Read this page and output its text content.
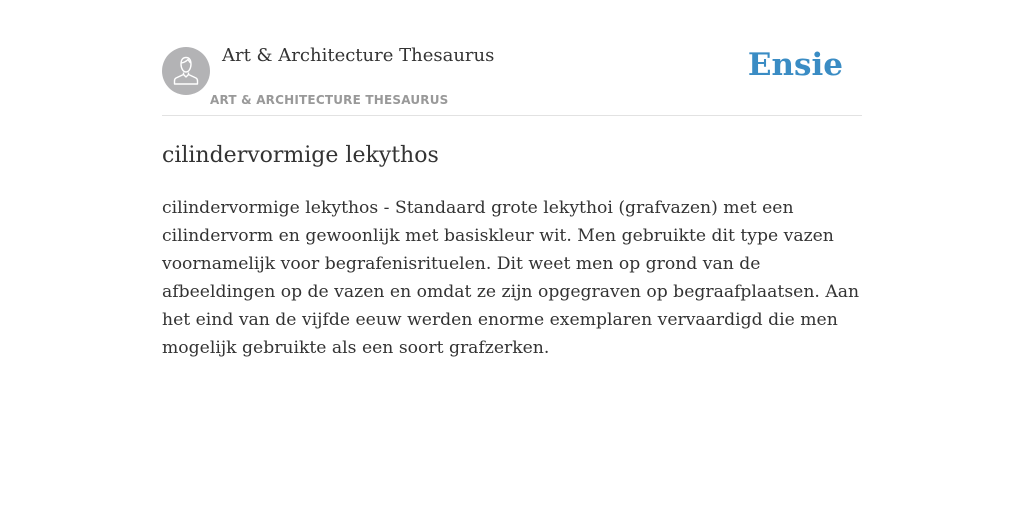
Art & Architecture Thesaurus
ART & ARCHITECTURE THESAURUS
Ensie
cilindervormige lekythos

cilindervormige lekythos - Standaard grote lekythoi (grafvazen) met een cilindervorm en gewoonlijk met basiskleur wit. Men gebruikte dit type vazen voornamelijk voor begrafenisrituelen. Dit weet men op grond van de afbeeldingen op de vazen en omdat ze zijn opgegraven op begraafplaatsen. Aan het eind van de vijfde eeuw werden enorme exemplaren vervaardigd die men mogelijk gebruikte als een soort grafzerken.
